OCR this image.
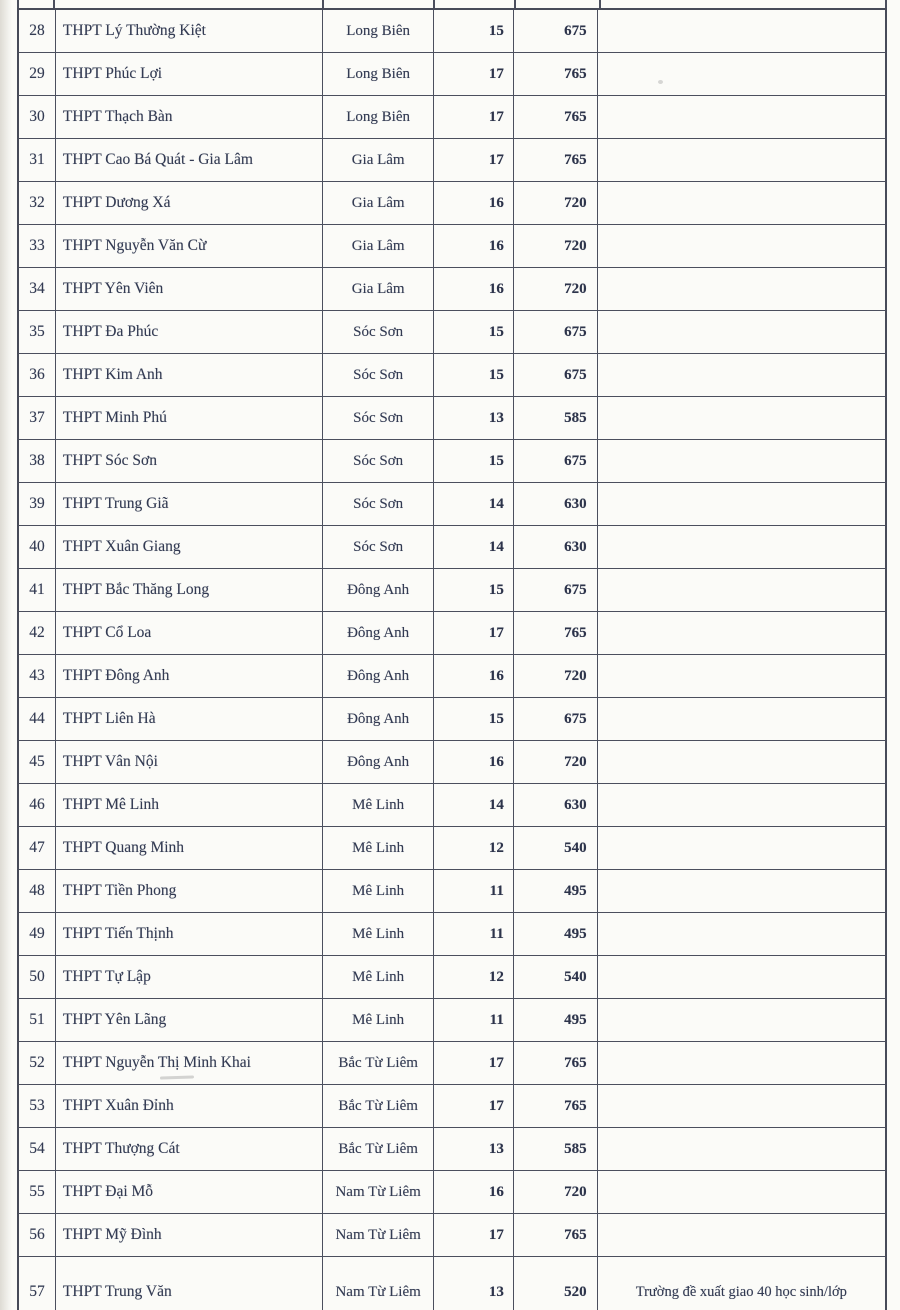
28	THPT Lý Thường Kiệt	Long Biên	15	675
29	THPT Phúc Lợi	Long Biên	17	765
30	THPT Thạch Bàn	Long Biên	17	765
31	THPT Cao Bá Quát - Gia Lâm	Gia Lâm	17	765
32	THPT Dương Xá	Gia Lâm	16	720
33	THPT Nguyễn Văn Cừ	Gia Lâm	16	720
34	THPT Yên Viên	Gia Lâm	16	720
35	THPT Đa Phúc	Sóc Sơn	15	675
36	THPT Kim Anh	Sóc Sơn	15	675
37	THPT Minh Phú	Sóc Sơn	13	585
38	THPT Sóc Sơn	Sóc Sơn	15	675
39	THPT Trung Giã	Sóc Sơn	14	630
40	THPT Xuân Giang	Sóc Sơn	14	630
41	THPT Bắc Thăng Long	Đông Anh	15	675
42	THPT Cổ Loa	Đông Anh	17	765
43	THPT Đông Anh	Đông Anh	16	720
44	THPT Liên Hà	Đông Anh	15	675
45	THPT Vân Nội	Đông Anh	16	720
46	THPT Mê Linh	Mê Linh	14	630
47	THPT Quang Minh	Mê Linh	12	540
48	THPT Tiền Phong	Mê Linh	11	495
49	THPT Tiến Thịnh	Mê Linh	11	495
50	THPT Tự Lập	Mê Linh	12	540
51	THPT Yên Lãng	Mê Linh	11	495
52	THPT Nguyễn Thị Minh Khai	Bắc Từ Liêm	17	765
53	THPT Xuân Đỉnh	Bắc Từ Liêm	17	765
54	THPT Thượng Cát	Bắc Từ Liêm	13	585
55	THPT Đại Mỗ	Nam Từ Liêm	16	720
56	THPT Mỹ Đình	Nam Từ Liêm	17	765
57	THPT Trung Văn	Nam Từ Liêm	13	520	Trường đề xuất giao 40 học sinh/lớp
